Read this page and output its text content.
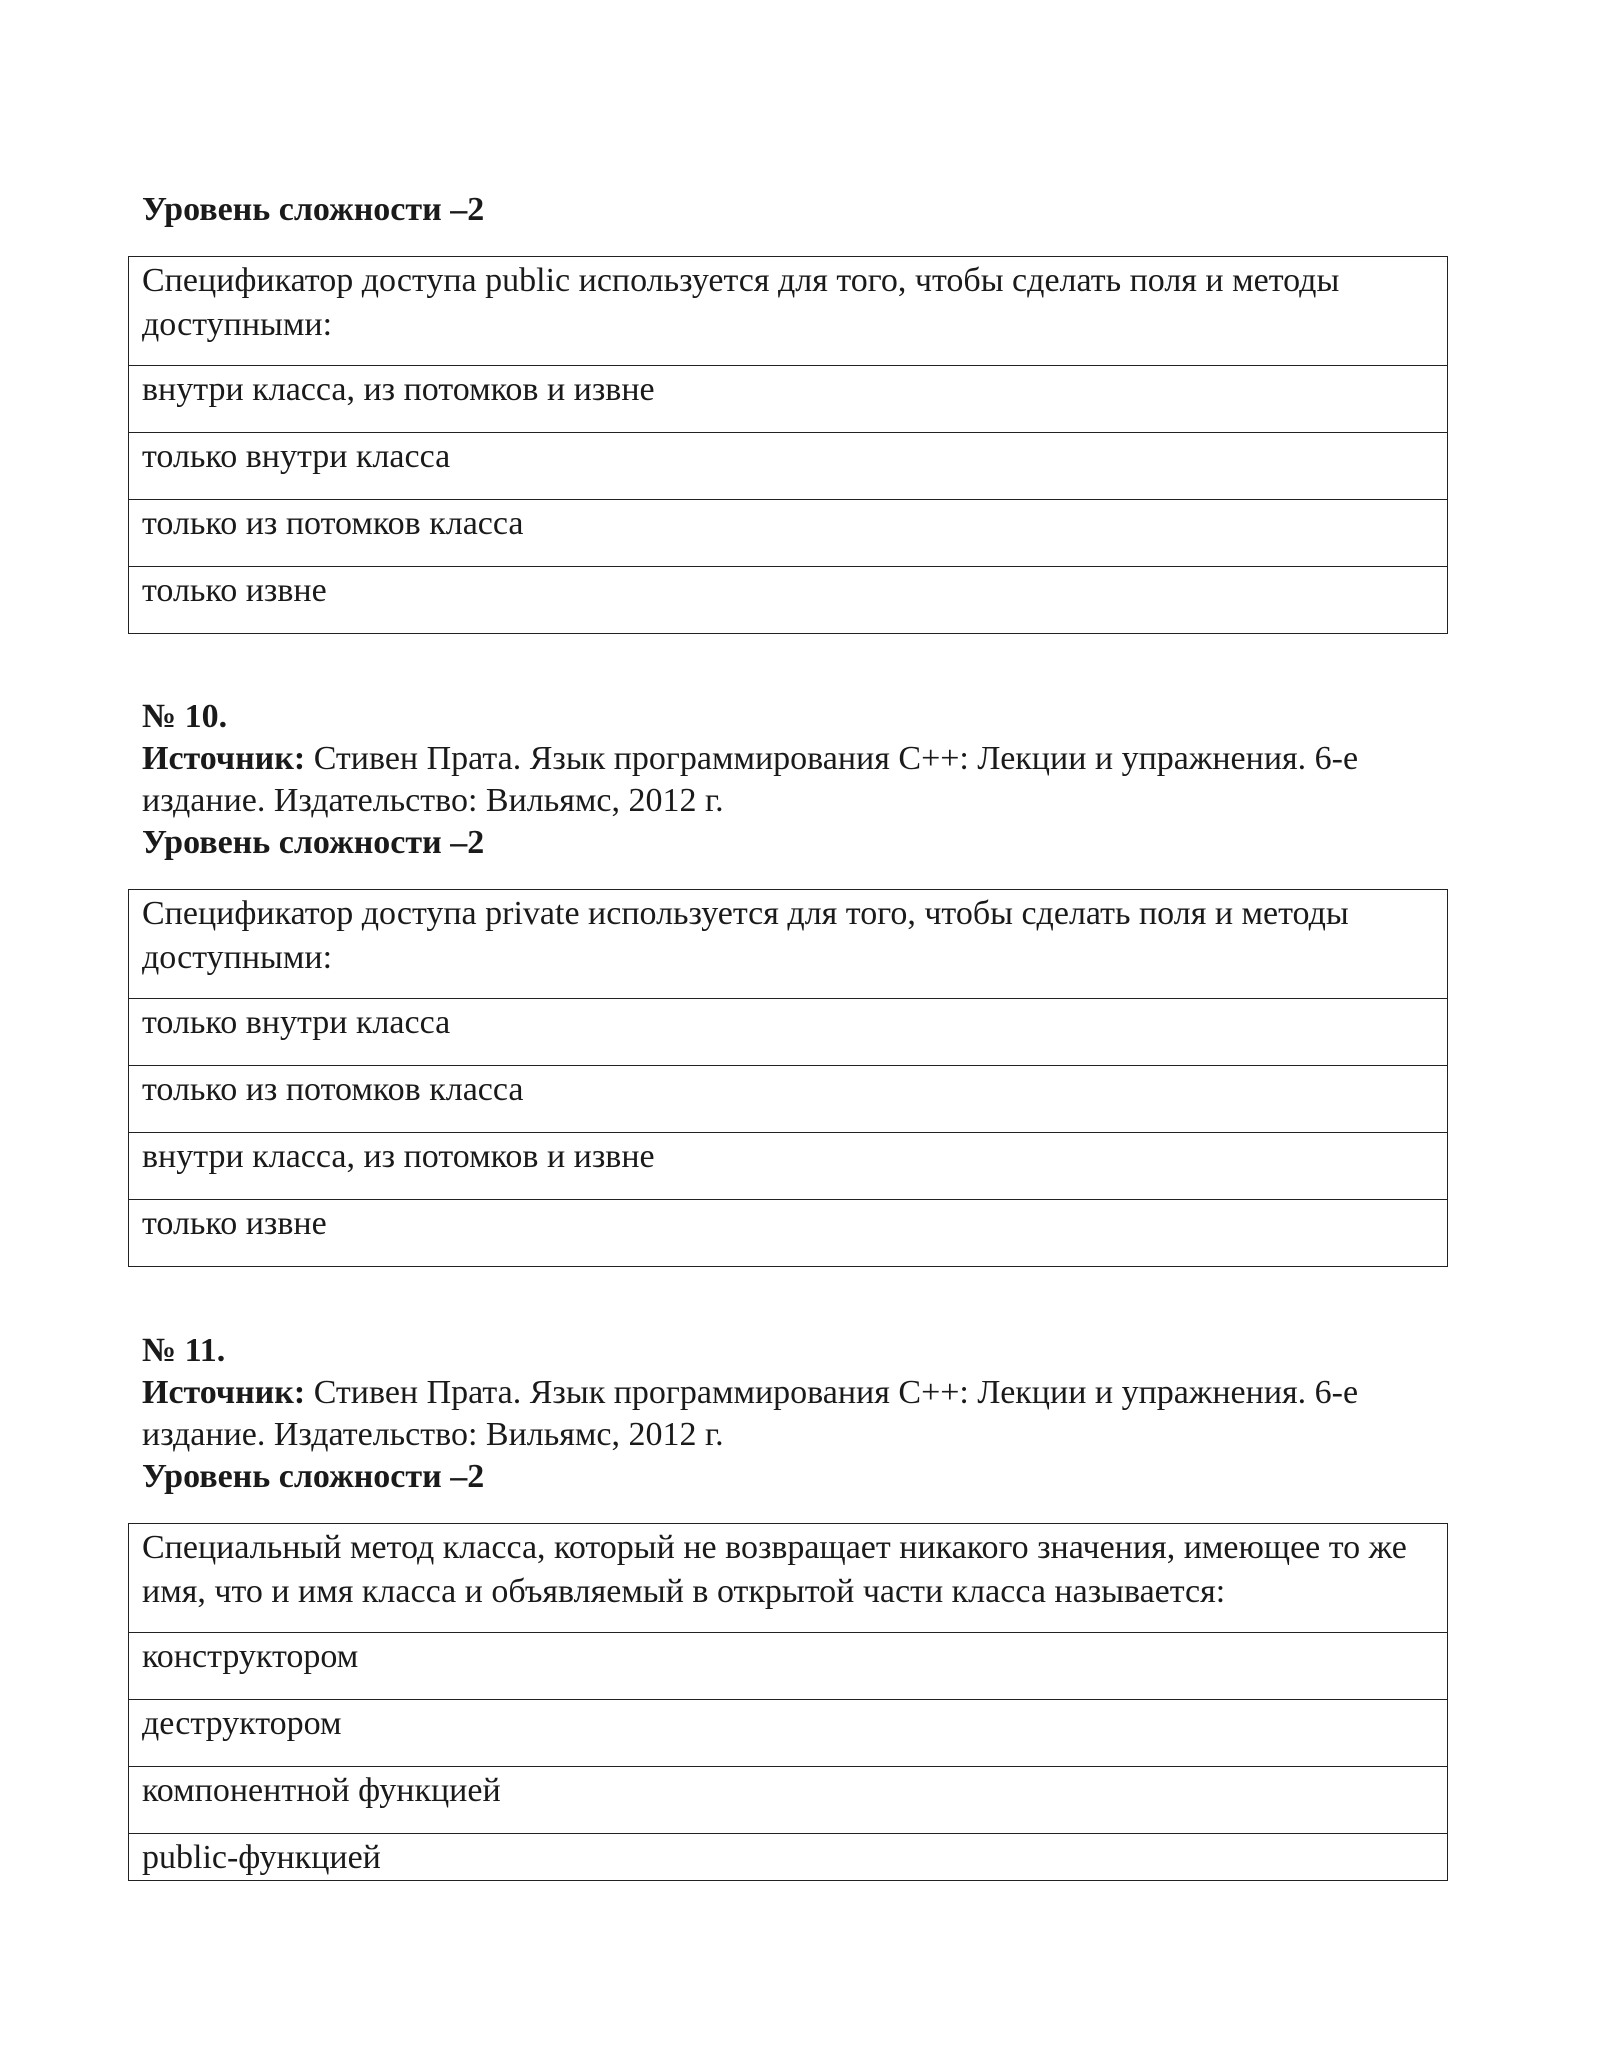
Уровень сложности –2

Спецификатор доступа public используется для того, чтобы сделать поля и методы доступными:
внутри класса, из потомков и извне
только внутри класса
только из потомков класса
только извне

№ 10.

Источник: Стивен Прата. Язык программирования С++: Лекции и упражнения. 6-е издание. Издательство: Вильямс, 2012 г.

Уровень сложности –2

Спецификатор доступа private используется для того, чтобы сделать поля и методы доступными:
только внутри класса
только из потомков класса
внутри класса, из потомков и извне
только извне

№ 11.

Источник: Стивен Прата. Язык программирования С++: Лекции и упражнения. 6-е издание. Издательство: Вильямс, 2012 г.

Уровень сложности –2

Специальный метод класса, который не возвращает никакого значения, имеющее то же имя, что и имя класса и объявляемый в открытой части класса называется:
конструктором
деструктором
компонентной функцией
public-функцией
